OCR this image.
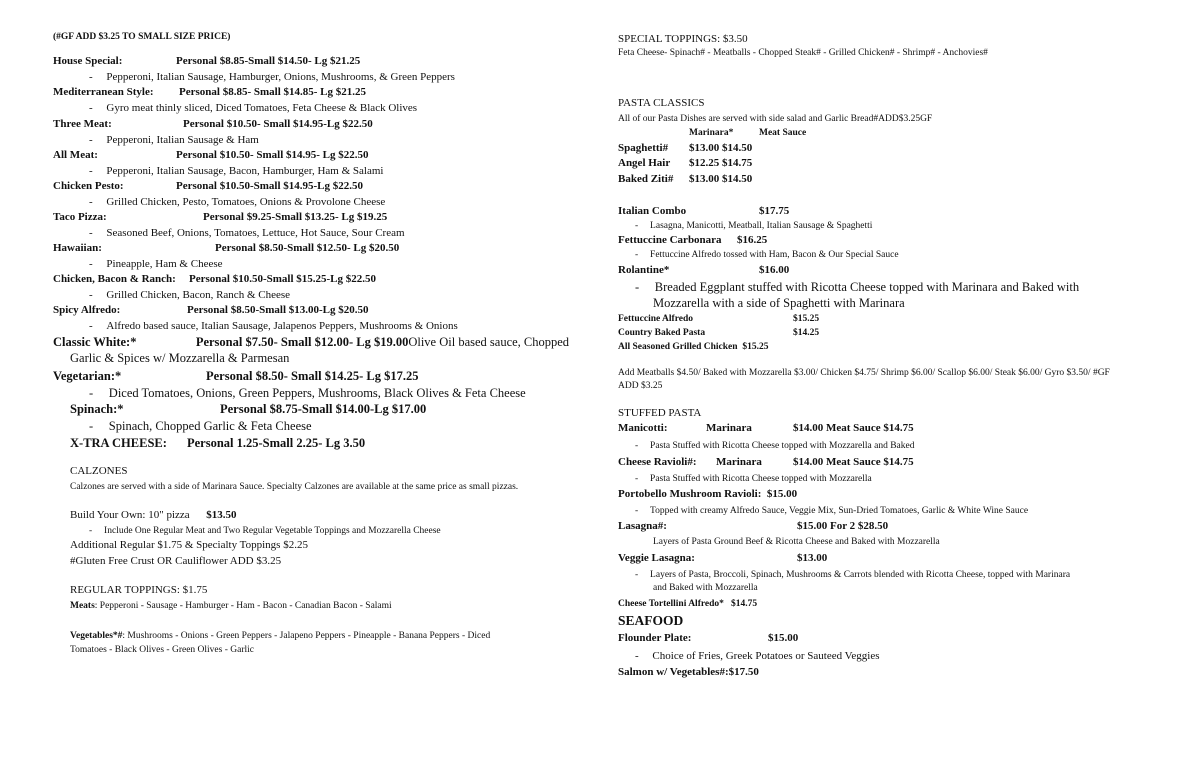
(#GF ADD $3.25 TO SMALL SIZE PRICE)
House Special:	Personal $8.85-Small $14.50- Lg $21.25
-     Pepperoni, Italian Sausage, Hamburger, Onions, Mushrooms, & Green Peppers
Mediterranean Style: Personal $8.85- Small $14.85- Lg $21.25
-     Gyro meat thinly sliced, Diced Tomatoes, Feta Cheese & Black Olives
Three Meat:	Personal $10.50- Small $14.95-Lg $22.50
-     Pepperoni, Italian Sausage & Ham
All Meat:	Personal $10.50- Small $14.95- Lg $22.50
-     Pepperoni, Italian Sausage, Bacon, Hamburger, Ham & Salami
Chicken Pesto:	Personal $10.50-Small $14.95-Lg $22.50
-     Grilled Chicken, Pesto, Tomatoes, Onions & Provolone Cheese
Taco Pizza:	Personal $9.25-Small $13.25- Lg $19.25
-     Seasoned Beef, Onions, Tomatoes, Lettuce, Hot Sauce, Sour Cream
Hawaiian:	Personal $8.50-Small $12.50- Lg $20.50
-     Pineapple, Ham & Cheese
Chicken, Bacon & Ranch: Personal $10.50-Small $15.25-Lg $22.50
-     Grilled Chicken, Bacon, Ranch & Cheese
Spicy Alfredo:	Personal $8.50-Small $13.00-Lg $20.50
-     Alfredo based sauce, Italian Sausage, Jalapenos Peppers, Mushrooms & Onions
Classic White:*	Personal $7.50- Small $12.00- Lg $19.00Olive Oil based sauce, Chopped
Garlic & Spices w/ Mozzarella & Parmesan
Vegetarian:*	Personal $8.50- Small $14.25- Lg $17.25
-     Diced Tomatoes, Onions, Green Peppers, Mushrooms, Black Olives & Feta Cheese
Spinach:*	Personal $8.75-Small $14.00-Lg $17.00
-     Spinach, Chopped Garlic & Feta Cheese
X-TRA CHEESE: Personal 1.25-Small 2.25- Lg 3.50
CALZONES
Calzones are served with a side of Marinara Sauce. Specialty Calzones are available at the same price as small pizzas.
Build Your Own: 10" pizza $13.50
-     Include One Regular Meat and Two Regular Vegetable Toppings and Mozzarella Cheese
Additional Regular $1.75 & Specialty Toppings $2.25
#Gluten Free Crust OR Cauliflower ADD $3.25
REGULAR TOPPINGS: $1.75
Meats: Pepperoni - Sausage - Hamburger - Ham - Bacon - Canadian Bacon - Salami
Vegetables*#: Mushrooms - Onions - Green Peppers - Jalapeno Peppers - Pineapple - Banana Peppers - Diced
Tomatoes - Black Olives - Green Olives - Garlic
SPECIAL TOPPINGS: $3.50
Feta Cheese- Spinach# - Meatballs - Chopped Steak# - Grilled Chicken# - Shrimp# - Anchovies#
PASTA CLASSICS
All of our Pasta Dishes are served with side salad and Garlic Bread#ADD$3.25GF
Marinara*	Meat Sauce
Spaghetti# $13.00 $14.50
Angel Hair $12.25 $14.75
Baked Ziti# $13.00 $14.50
Italian Combo	$17.75
-     Lasagna, Manicotti, Meatball, Italian Sausage & Spaghetti
Fettuccine Carbonara $16.25
-     Fettuccine Alfredo tossed with Ham, Bacon & Our Special Sauce
Rolantine*	$16.00
-     Breaded Eggplant stuffed with Ricotta Cheese topped with Marinara and Baked with
Mozzarella with a side of Spaghetti with Marinara
Fettuccine Alfredo	$15.25
Country Baked Pasta	$14.25
All Seasoned Grilled Chicken $15.25
Add Meatballs $4.50/ Baked with Mozzarella $3.00/ Chicken $4.75/ Shrimp $6.00/ Scallop $6.00/ Steak $6.00/ Gyro $3.50/ #GF
ADD $3.25
STUFFED PASTA
Manicotti:	Marinara	$14.00 Meat Sauce $14.75
-     Pasta Stuffed with Ricotta Cheese topped with Mozzarella and Baked
Cheese Ravioli#: Marinara	$14.00 Meat Sauce $14.75
-     Pasta Stuffed with Ricotta Cheese topped with Mozzarella
Portobello Mushroom Ravioli: $15.00
-     Topped with creamy Alfredo Sauce, Veggie Mix, Sun-Dried Tomatoes, Garlic & White Wine Sauce
Lasagna#:	$15.00 For 2 $28.50
Layers of Pasta Ground Beef & Ricotta Cheese and Baked with Mozzarella
Veggie Lasagna:	$13.00
-     Layers of Pasta, Broccoli, Spinach, Mushrooms & Carrots blended with Ricotta Cheese, topped with Marinara
and Baked with Mozzarella
Cheese Tortellini Alfredo* $14.75
SEAFOOD
Flounder Plate:	$15.00
-     Choice of Fries, Greek Potatoes or Sauteed Veggies
Salmon w/ Vegetables#:$17.50
